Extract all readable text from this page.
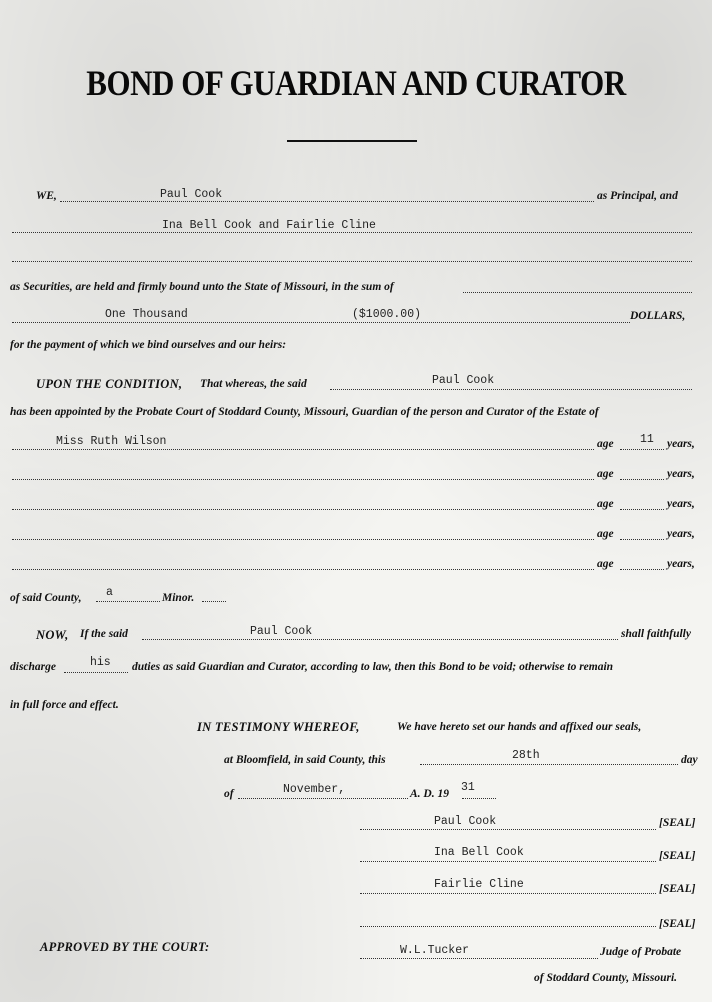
BOND OF GUARDIAN AND CURATOR
WE,	Paul Cook	as Principal, and
Ina Bell Cook and Fairlie Cline
as Securities, are held and firmly bound unto the State of Missouri, in the sum of
One Thousand	($1000.00)	DOLLARS,
for the payment of which we bind ourselves and our heirs:
UPON THE CONDITION, That whereas, the said	Paul Cook
has been appointed by the Probate Court of Stoddard County, Missouri, Guardian of the person and Curator of the Estate of
Miss Ruth Wilson	age 11 years,
age	years,
age	years,
age	years,
age	years,
of said County, a	Minor.
NOW, If the said	Paul Cook	shall faithfully
discharge	his duties as said Guardian and Curator, according to law, then this Bond to be void; otherwise to remain
in full force and effect.
IN TESTIMONY WHEREOF,	We have hereto set our hands and affixed our seals,
at Bloomfield, in said County, this	28th	day
of	November,	A. D. 19 31
Paul Cook	[SEAL]
Ina Bell Cook	[SEAL]
Fairlie Cline	[SEAL]
[SEAL]
APPROVED BY THE COURT:	W.L.Tucker	Judge of Probate
of Stoddard County, Missouri.
